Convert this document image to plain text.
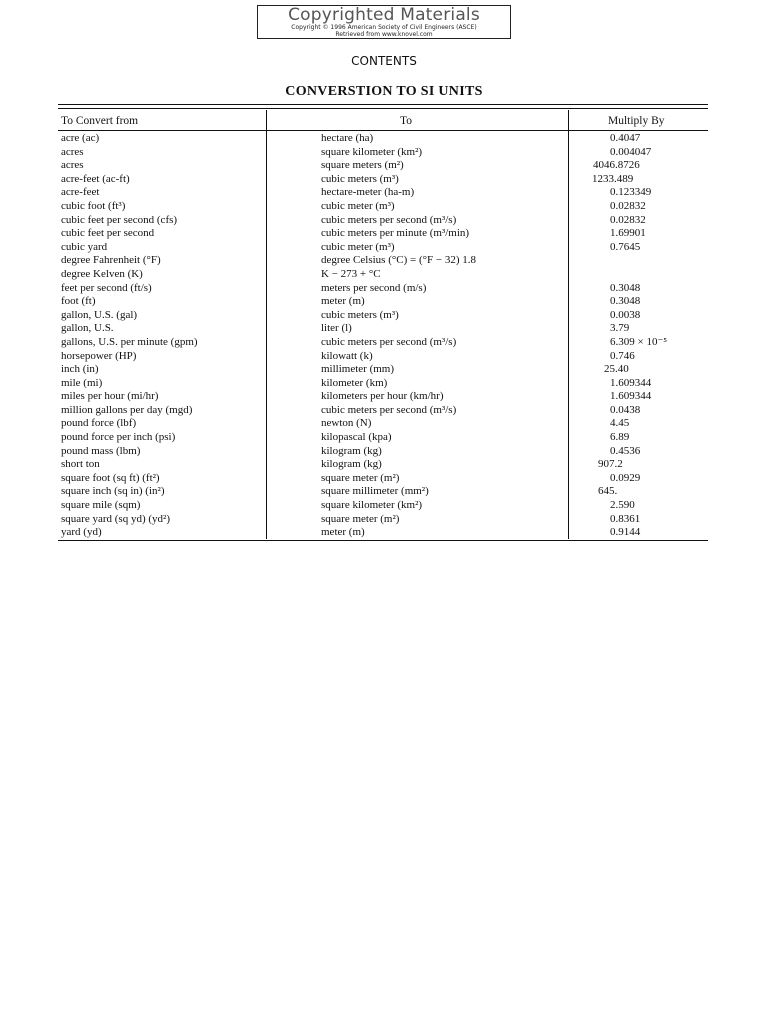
Copyrighted Materials
Copyright © 1996 American Society of Civil Engineers (ASCE)
Retrieved from www.knovel.com
CONTENTS
CONVERSTION TO SI UNITS
To Convert from	To	Multiply By
acre (ac)	hectare (ha)	0.4047
acres	square kilometer (km²)	0.004047
acres	square meters (m²)	4046.8726
acre-feet (ac-ft)	cubic meters (m³)	1233.489
acre-feet	hectare-meter (ha-m)	0.123349
cubic foot (ft³)	cubic meter (m³)	0.02832
cubic feet per second (cfs)	cubic meters per second (m³/s)	0.02832
cubic feet per second	cubic meters per minute (m³/min)	1.69901
cubic yard	cubic meter (m³)	0.7645
degree Fahrenheit (°F)	degree Celsius (°C) = (°F − 32) 1.8
degree Kelven (K)	K − 273 + °C
feet per second (ft/s)	meters per second (m/s)	0.3048
foot (ft)	meter (m)	0.3048
gallon, U.S. (gal)	cubic meters (m³)	0.0038
gallon, U.S.	liter (l)	3.79
gallons, U.S. per minute (gpm)	cubic meters per second (m³/s)	6.309 × 10⁻⁵
horsepower (HP)	kilowatt (k)	0.746
inch (in)	millimeter (mm)	25.40
mile (mi)	kilometer (km)	1.609344
miles per hour (mi/hr)	kilometers per hour (km/hr)	1.609344
million gallons per day (mgd)	cubic meters per second (m³/s)	0.0438
pound force (lbf)	newton (N)	4.45
pound force per inch (psi)	kilopascal (kpa)	6.89
pound mass (lbm)	kilogram (kg)	0.4536
short ton	kilogram (kg)	907.2
square foot (sq ft) (ft²)	square meter (m²)	0.0929
square inch (sq in) (in²)	square millimeter (mm²)	645.
square mile (sqm)	square kilometer (km²)	2.590
square yard (sq yd) (yd²)	square meter (m²)	0.8361
yard (yd)	meter (m)	0.9144
